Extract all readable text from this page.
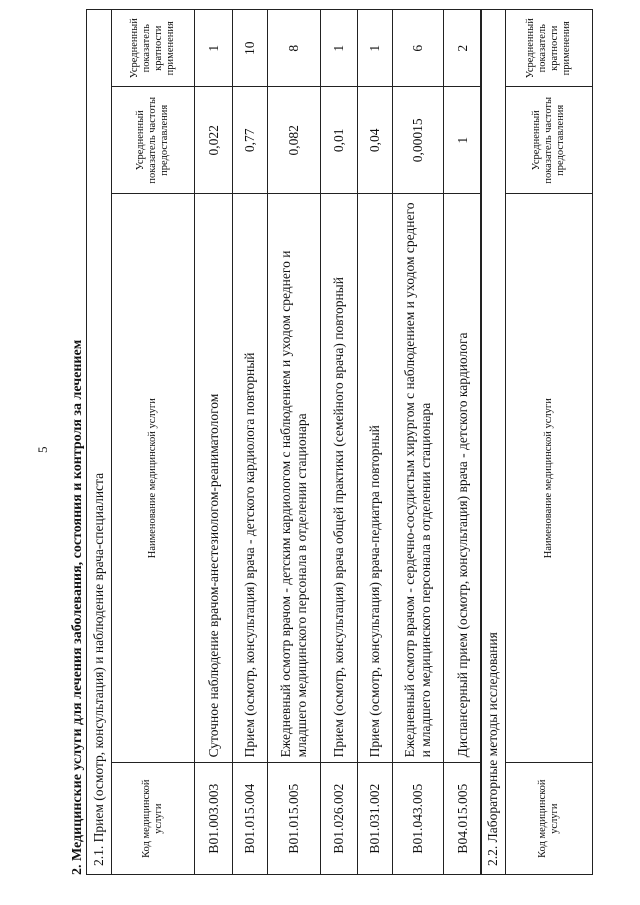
5 2. Медицинские услуги для лечения заболевания, состояния и контроля за лечением 2.1. Прием (осмотр, консультация) и наблюдение врача-специалиста			
Код медицинской услуги	Наименование медицинской услуги	Усредненный показатель частоты предоставления	Усредненный показатель кратности применения
B01.003.003	Суточное наблюдение врачом-анестезиологом-реаниматологом	0,022	1
B01.015.004	Прием (осмотр, консультация) врача - детского кардиолога повторный	0,77	10
B01.015.005	Ежедневный осмотр врачом - детским кардиологом с наблюдением и уходом среднего и младшего медицинского персонала в отделении стационара	0,082	8
B01.026.002	Прием (осмотр, консультация) врача общей практики (семейного врача) повторный	0,01	1
B01.031.002	Прием (осмотр, консультация) врача-педиатра повторный	0,04	1
B01.043.005	Ежедневный осмотр врачом - сердечно-сосудистым хирургом с наблюдением и уходом среднего и младшего медицинского персонала в отделении стационара	0,00015	6
B04.015.005	Диспансерный прием (осмотр, консультация) врача - детского кардиолога	1	2
2.2. Лабораторные методы исследования
Код медицинской услуги	Наименование медицинской услуги	Усредненный показатель частоты предоставления	Усредненный показатель кратности применения
